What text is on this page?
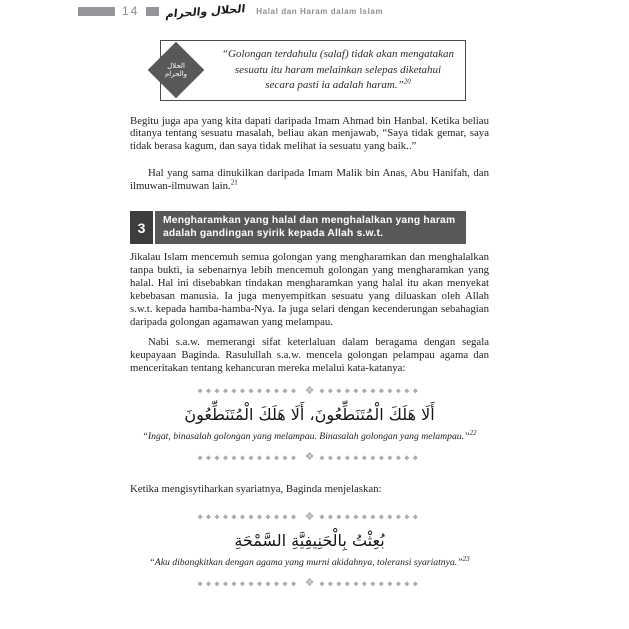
14 الحلال والحرام Halal dan Haram dalam Islam
الحلال
والحرام

“Golongan terdahulu (salaf) tidak akan mengatakan sesuatu itu haram melainkan selepas diketahui secara pasti ia adalah haram.”$^{20}$

Begitu juga apa yang kita dapati daripada Imam Ahmad bin Hanbal. Ketika beliau ditanya tentang sesuatu masalah, beliau akan menjawab, “Saya tidak gemar, saya tidak berasa kagum, dan saya tidak melihat ia sesuatu yang baik..”

Hal yang sama dinukilkan daripada Imam Malik bin Anas, Abu Hanifah, dan ilmuwan-ilmuwan lain.$^{21}$

3	Mengharamkan yang halal dan menghalalkan yang haram adalah gandingan syirik kepada Allah s.w.t.

Jikalau Islam mencemuh semua golongan yang mengharamkan dan menghalalkan tanpa bukti, ia sebenarnya lebih mencemuh golongan yang mengharamkan yang halal. Hal ini disebabkan tindakan mengharamkan yang halal itu akan menyekat kebebasan manusia. Ia juga menyempitkan sesuatu yang diluaskan oleh Allah s.w.t. kepada hamba-hamba-Nya. Ia juga selari dengan kecenderungan sebahagian daripada golongan agamawan yang melampau.

Nabi s.a.w. memerangi sifat keterlaluan dalam beragama dengan segala keupayaan Baginda. Rasulullah s.a.w. mencela golongan pelampau agama dan menceritakan tentang kehancuran mereka melalui kata-katanya:

◆◆◆◆◆◆◆◆◆◆◆◆ ❖ ◆◆◆◆◆◆◆◆◆◆◆◆

أَلَا هَلَكَ الْمُتَنَطِّعُونَ، أَلَا هَلَكَ الْمُتَنَطِّعُونَ

“Ingat, binasalah golongan yang melampau. Binasalah golongan yang melampau.”$^{22}$

◆◆◆◆◆◆◆◆◆◆◆◆ ❖ ◆◆◆◆◆◆◆◆◆◆◆◆

Ketika mengisytiharkan syariatnya, Baginda menjelaskan:

◆◆◆◆◆◆◆◆◆◆◆◆ ❖ ◆◆◆◆◆◆◆◆◆◆◆◆

بُعِثْتُ بِالْحَنِيفِيَّةِ السَّمْحَةِ

“Aku dibangkitkan dengan agama yang murni akidahnya, toleransi syariatnya.”$^{23}$

◆◆◆◆◆◆◆◆◆◆◆◆ ❖ ◆◆◆◆◆◆◆◆◆◆◆◆
